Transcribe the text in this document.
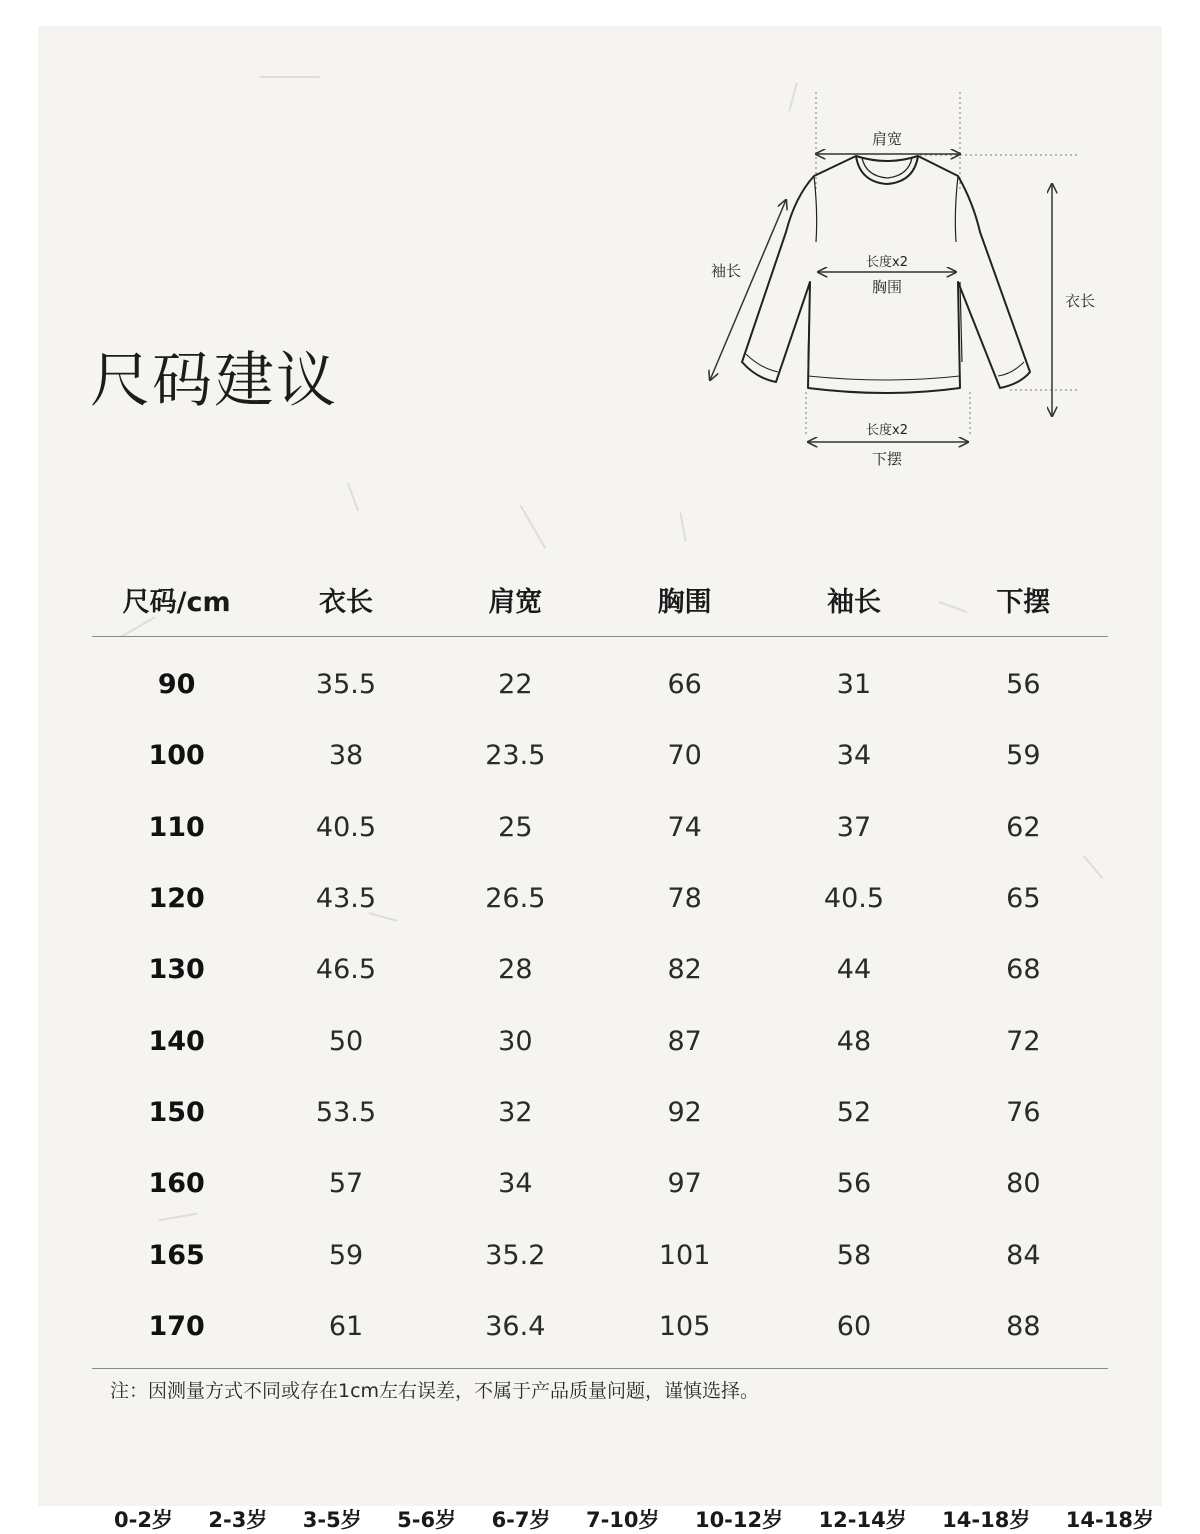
尺码建议
肩宽
袖长
衣长
长度x2
胸围
长度x2
下摆
尺码/cm	衣长	肩宽	胸围	袖长	下摆
90	35.5	22	66	31	56
100	38	23.5	70	34	59
110	40.5	25	74	37	62
120	43.5	26.5	78	40.5	65
130	46.5	28	82	44	68
140	50	30	87	48	72
150	53.5	32	92	52	76
160	57	34	97	56	80
165	59	35.2	101	58	84
170	61	36.4	105	60	88

注：因测量方式不同或存在1cm左右误差，不属于产品质量问题，谨慎选择。

0-2岁 2-3岁 3-5岁 5-6岁 6-7岁 7-10岁 10-12岁 12-14岁 14-18岁 14-18岁
